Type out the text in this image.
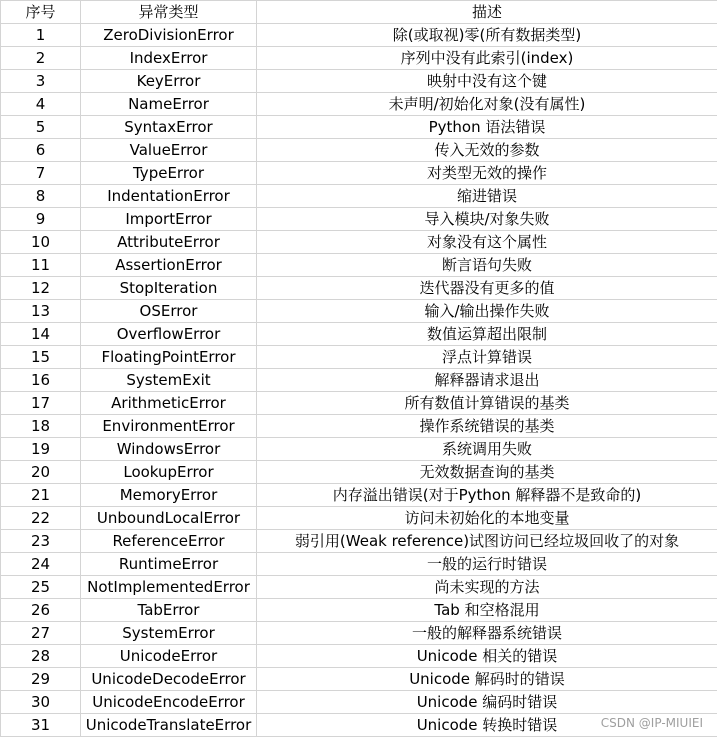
序号	异常类型	描述
1	ZeroDivisionError	除(或取视)零(所有数据类型)
2	IndexError	序列中没有此索引(index)
3	KeyError	映射中没有这个键
4	NameError	未声明/初始化对象(没有属性)
5	SyntaxError	Python 语法错误
6	ValueError	传入无效的参数
7	TypeError	对类型无效的操作
8	IndentationError	缩进错误
9	ImportError	导入模块/对象失败
10	AttributeError	对象没有这个属性
11	AssertionError	断言语句失败
12	StopIteration	迭代器没有更多的值
13	OSError	输入/输出操作失败
14	OverflowError	数值运算超出限制
15	FloatingPointError	浮点计算错误
16	SystemExit	解释器请求退出
17	ArithmeticError	所有数值计算错误的基类
18	EnvironmentError	操作系统错误的基类
19	WindowsError	系统调用失败
20	LookupError	无效数据查询的基类
21	MemoryError	内存溢出错误(对于Python 解释器不是致命的)
22	UnboundLocalError	访问未初始化的本地变量
23	ReferenceError	弱引用(Weak reference)试图访问已经垃圾回收了的对象
24	RuntimeError	一般的运行时错误
25	NotImplementedError	尚未实现的方法
26	TabError	Tab 和空格混用
27	SystemError	一般的解释器系统错误
28	UnicodeError	Unicode 相关的错误
29	UnicodeDecodeError	Unicode 解码时的错误
30	UnicodeEncodeError	Unicode 编码时错误
31	UnicodeTranslateError	Unicode 转换时错误	CSDN @IP-MIUIEI
